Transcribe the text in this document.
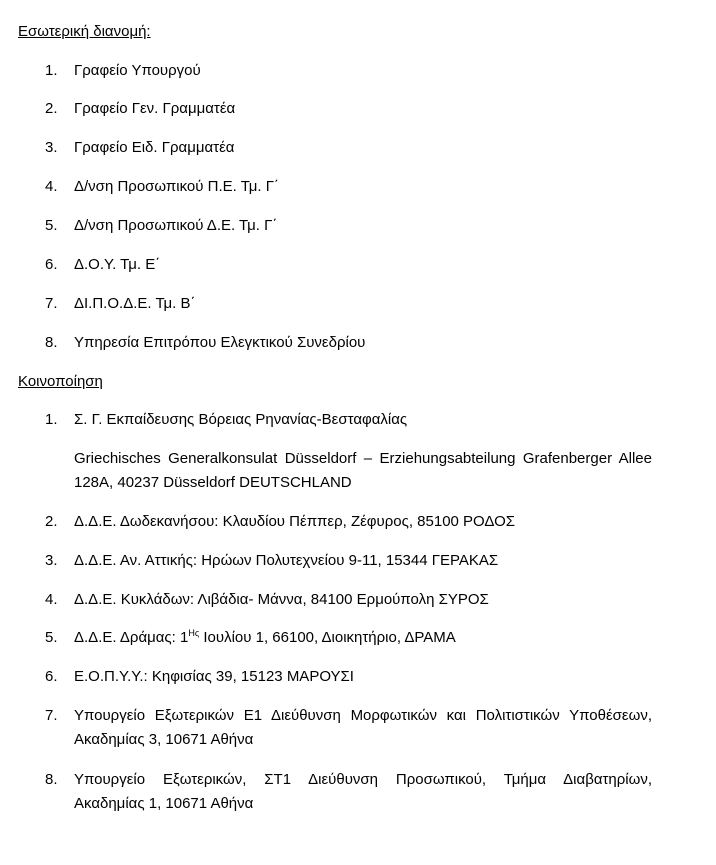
Εσωτερική διανομή:
1. Γραφείο Υπουργού
2. Γραφείο Γεν. Γραμματέα
3. Γραφείο Ειδ. Γραμματέα
4. Δ/νση Προσωπικού Π.Ε. Τμ. Γ΄
5. Δ/νση Προσωπικού Δ.Ε. Τμ. Γ΄
6. Δ.Ο.Υ. Τμ. Ε΄
7. ΔΙ.Π.Ο.Δ.Ε. Τμ. Β΄
8. Υπηρεσία Επιτρόπου Ελεγκτικού Συνεδρίου
Κοινοποίηση
1. Σ. Γ. Εκπαίδευσης Βόρειας Ρηνανίας-Βεσταφαλίας
Griechisches Generalkonsulat Düsseldorf – Erziehungsabteilung Grafenberger Allee
128A, 40237 Düsseldorf DEUTSCHLAND
2. Δ.Δ.Ε. Δωδεκανήσου: Κλαυδίου Πέππερ, Ζέφυρος, 85100 ΡΟΔΟΣ
3. Δ.Δ.Ε. Αν. Αττικής: Ηρώων Πολυτεχνείου 9-11, 15344 ΓΕΡΑΚΑΣ
4. Δ.Δ.Ε. Κυκλάδων: Λιβάδια- Μάννα, 84100 Ερμούπολη ΣΥΡΟΣ
5. Δ.Δ.Ε. Δράμας: $1^{H\varsigma}$ Ιουλίου 1, 66100, Διοικητήριο, ΔΡΑΜΑ
6. Ε.Ο.Π.Υ.Υ.: Κηφισίας 39, 15123 ΜΑΡΟΥΣΙ
7. Υπουργείο Εξωτερικών Ε1 Διεύθυνση Μορφωτικών και Πολιτιστικών Υποθέσεων,
Ακαδημίας 3, 10671 Αθήνα
8. Υπουργείο Εξωτερικών, ΣΤ1 Διεύθυνση Προσωπικού, Τμήμα Διαβατηρίων,
Ακαδημίας 1, 10671 Αθήνα
